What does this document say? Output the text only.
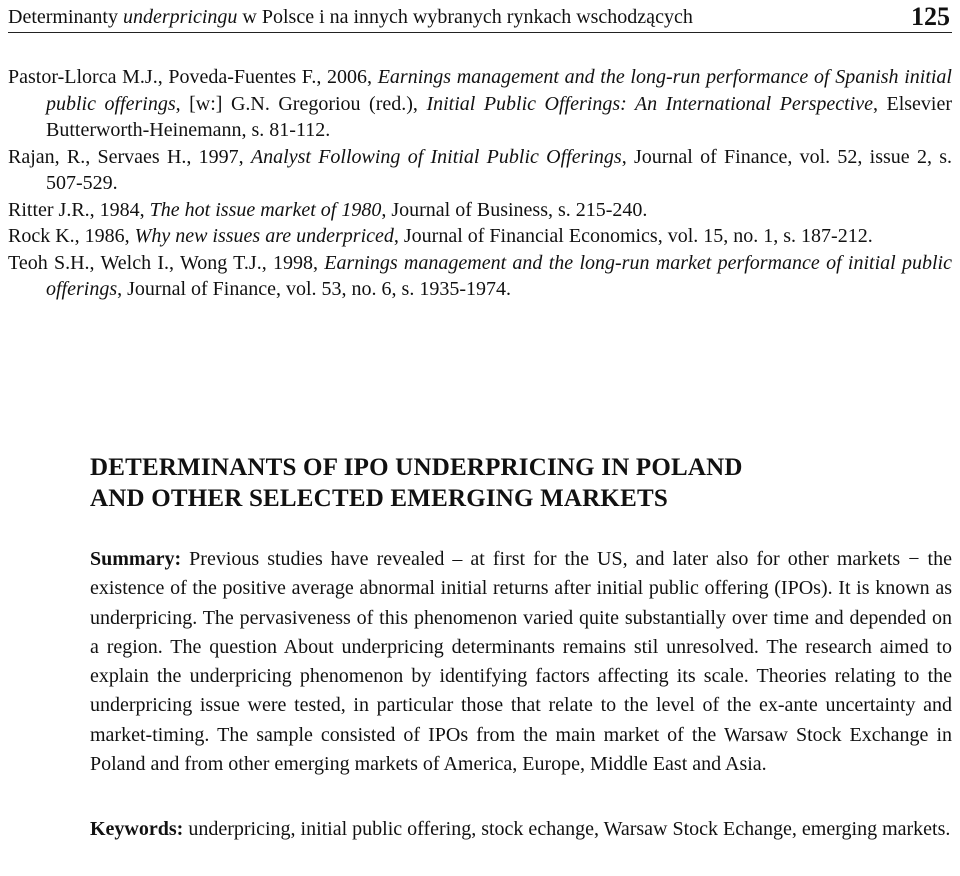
Determinanty underpricingu w Polsce i na innych wybranych rynkach wschodzących	125

Pastor-Llorca M.J., Poveda-Fuentes F., 2006, Earnings management and the long-run performance of Spanish initial public offerings, [w:] G.N. Gregoriou (red.), Initial Public Offerings: An International Perspective, Elsevier Butterworth-Heinemann, s. 81-112.

Rajan, R., Servaes H., 1997, Analyst Following of Initial Public Offerings, Journal of Finance, vol. 52, issue 2, s. 507-529.

Ritter J.R., 1984, The hot issue market of 1980, Journal of Business, s. 215-240.

Rock K., 1986, Why new issues are underpriced, Journal of Financial Economics, vol. 15, no. 1, s. 187-212.

Teoh S.H., Welch I., Wong T.J., 1998, Earnings management and the long-run market performance of initial public offerings, Journal of Finance, vol. 53, no. 6, s. 1935-1974.

DETERMINANTS OF IPO UNDERPRICING IN POLAND
AND OTHER SELECTED EMERGING MARKETS

Summary: Previous studies have revealed – at first for the US, and later also for other markets − the existence of the positive average abnormal initial returns after initial public offering (IPOs). It is known as underpricing. The pervasiveness of this phenomenon varied quite substantially over time and depended on a region. The question About underpricing determinants remains stil unresolved. The research aimed to explain the underpricing phenomenon by identifying factors affecting its scale. Theories relating to the underpricing issue were tested, in particular those that relate to the level of the ex-ante uncertainty and market-timing. The sample consisted of IPOs from the main market of the Warsaw Stock Exchange in Poland and from other emerging markets of America, Europe, Middle East and Asia.

Keywords: underpricing, initial public offering, stock echange, Warsaw Stock Echange, emerging markets.
